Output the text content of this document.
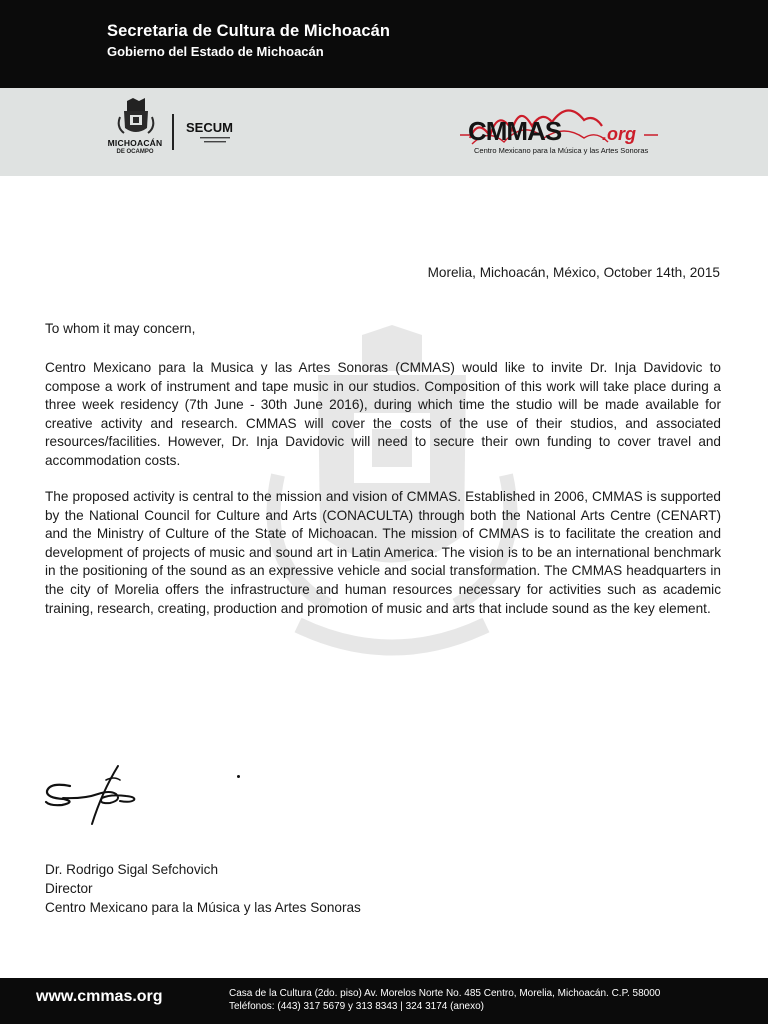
Secretaria de Cultura de Michoacán
Gobierno del Estado de Michoacán
MICHOACÁN
DE OCAMPO
SECUM	CMMAS .org
Centro Mexicano para la Música y las Artes Sonoras
Morelia, Michoacán, México, October 14th, 2015
To whom it may concern,
Centro Mexicano para la Musica y las Artes Sonoras (CMMAS) would like to invite Dr. Inja Davidovic to compose a work of instrument and tape music in our studios. Composition of this work will take place during a three week residency (7th June - 30th June 2016), during which time the studio will be made available for creative activity and research. CMMAS will cover the costs of the use of their studios, and associated resources/facilities. However, Dr. Inja Davidovic will need to secure their own funding to cover travel and accommodation costs.
The proposed activity is central to the mission and vision of CMMAS. Established in 2006, CMMAS is supported by the National Council for Culture and Arts (CONACULTA) through both the National Arts Centre (CENART) and the Ministry of Culture of the State of Michoacan. The mission of CMMAS is to facilitate the creation and development of projects of music and sound art in Latin America. The vision is to be an international benchmark in the positioning of the sound as an expressive vehicle and social transformation. The CMMAS headquarters in the city of Morelia offers the infrastructure and human resources necessary for activities such as academic training, research, creating, production and promotion of music and arts that include sound as the key element.
Dr. Rodrigo Sigal Sefchovich
Director
Centro Mexicano para la Música y las Artes Sonoras
www.cmmas.org	Casa de la Cultura (2do. piso) Av. Morelos Norte No. 485 Centro, Morelia, Michoacán. C.P. 58000
Teléfonos: (443) 317 5679 y 313 8343 | 324 3174 (anexo)
